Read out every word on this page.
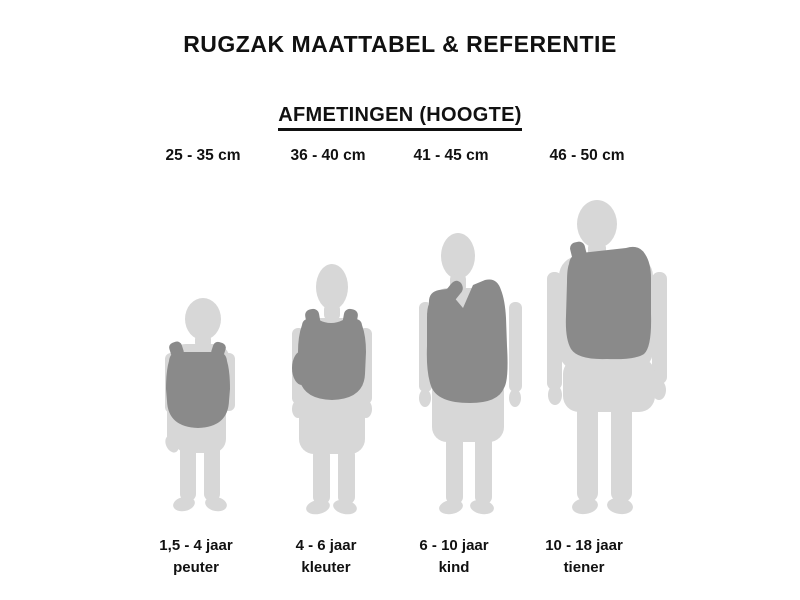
RUGZAK MAATTABEL & REFERENTIE
AFMETINGEN (HOOGTE)
25 - 35 cm	36 - 40 cm	41 - 45 cm	46 - 50 cm
1,5 - 4 jaar
peuter
4 - 6 jaar
kleuter
6 - 10 jaar
kind
10 - 18 jaar
tiener
